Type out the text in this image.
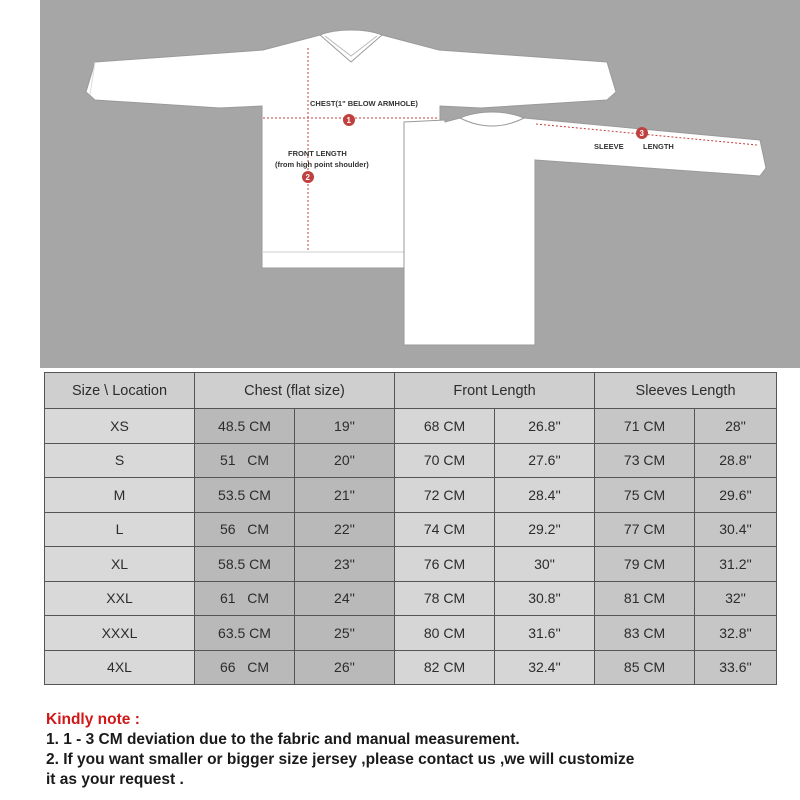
CHEST(1" BELOW ARMHOLE)
1
FRONT LENGTH
(from high point shoulder)
2
3
SLEEVE	LENGTH
Size \ Location	Chest (flat size)		Front Length		Sleeves Length	
XS	48.5 CM	19''	68 CM	26.8''	71 CM	28''
S	51   CM	20''	70 CM	27.6''	73 CM	28.8''
M	53.5 CM	21''	72 CM	28.4''	75 CM	29.6''
L	56   CM	22''	74 CM	29.2''	77 CM	30.4''
XL	58.5 CM	23''	76 CM	30''	79 CM	31.2''
XXL	61   CM	24''	78 CM	30.8''	81 CM	32''
XXXL	63.5 CM	25''	80 CM	31.6''	83 CM	32.8''
4XL	66   CM	26''	82 CM	32.4''	85 CM	33.6''
Kindly note :
1. 1 - 3 CM deviation due to the fabric and manual measurement.
2. If you want smaller or bigger size jersey ,please contact us ,we will customize
it as your request .
